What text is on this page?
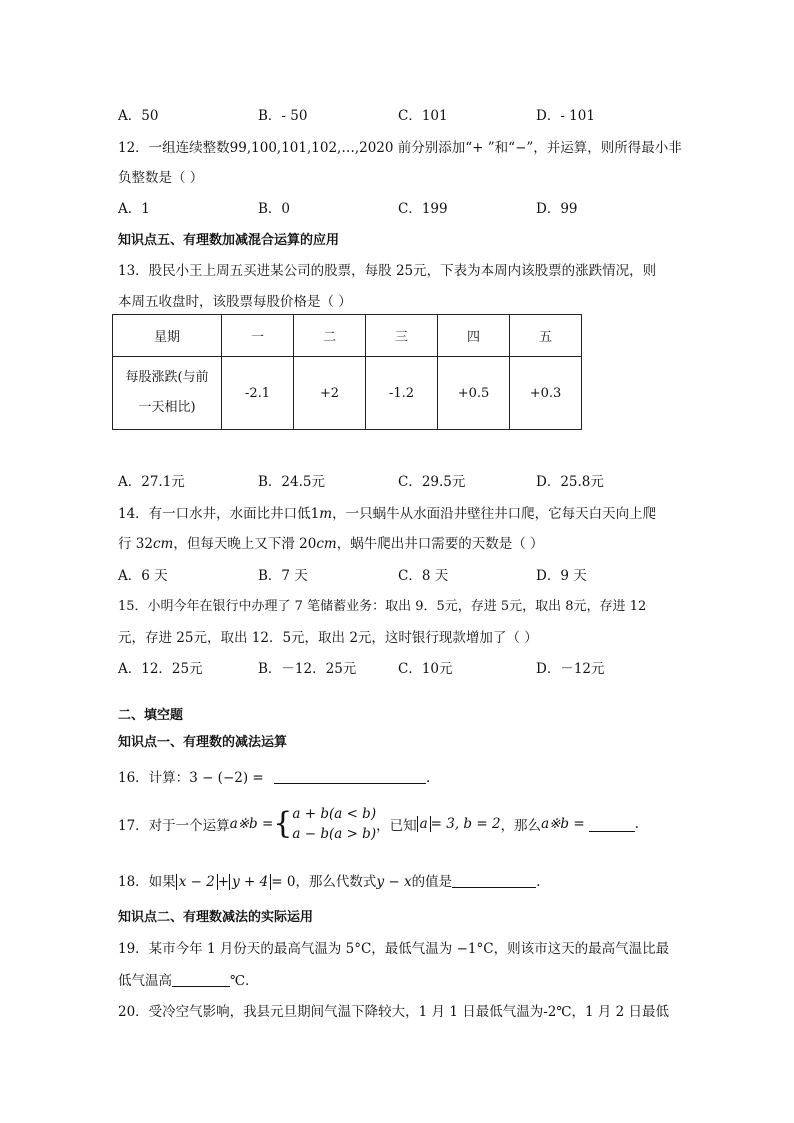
A．50	B．- 50	C．101	D．- 101
12．一组连续整数99,100,101,102,…,2020 前分别添加“+ ”和“−”，并运算，则所得最小非
负整数是（ ）
A．1	B．0	C．199	D．99
知识点五、有理数加减混合运算的应用
13．股民小王上周五买进某公司的股票，每股 25元，下表为本周内该股票的涨跌情况，则
本周五收盘时，该股票每股价格是（ ）
星期	一	二	三	四	五

每股涨跌(与前
一天相比)	-2.1	+2	-1.2	+0.5	+0.3
A．27.1元	B．24.5元	C．29.5元	D．25.8元
14．有一口水井，水面比井口低1m，一只蜗牛从水面沿井壁往井口爬，它每天白天向上爬
行 32cm，但每天晚上又下滑 20cm，蜗牛爬出井口需要的天数是（ ）
A．6 天	B．7 天	C．8 天	D．9 天
15．小明今年在银行中办理了 7 笔储蓄业务：取出 9．5元，存进 5元，取出 8元，存进 12
元，存进 25元，取出 12．5元，取出 2元，这时银行现款增加了（ ）
A．12．25元	B．－12．25元	C．10元	D．－12元
二、填空题
知识点一、有理数的减法运算
16．计算：3 − (−2) =	.
17．对于一个运算a※b ={ a + b(a < b)
a − b(a > b) ，已知 a = 3, b = 2，那么a※b =	.
18．如果 x − 2 + y + 4 = 0，那么代数式y − x的值是	.
知识点二、有理数减法的实际运用
19．某市今年 1 月份天的最高气温为 5°C，最低气温为 −1°C，则该市这天的最高气温比最
低气温高	℃．
20．受冷空气影响，我县元旦期间气温下降较大，1 月 1 日最低气温为-2℃，1 月 2 日最低
